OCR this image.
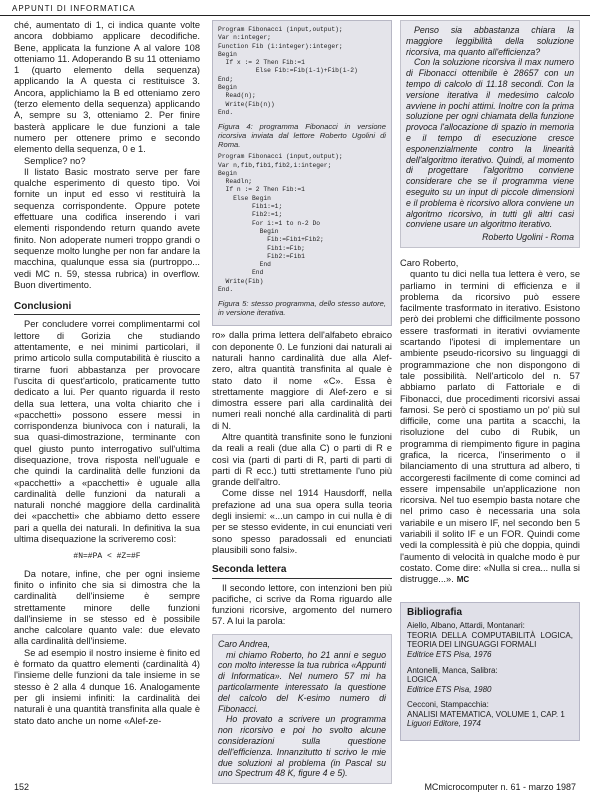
APPUNTI DI INFORMATICA

ché, aumentato di 1, ci indica quante volte ancora dobbiamo applicare decodifiche. Bene, applicata la funzione A al valore 108 otteniamo 11. Adoperando B su 11 otteniamo 1 (quarto elemento della sequenza) applicando la A questa ci restituisce 3. Ancora, applichiamo la B ed otteniamo zero (terzo elemento della sequenza) applicando A, sempre su 3, otteniamo 2. Per finire basterà applicare le due funzioni a tale numero per ottenere primo e secondo elemento della sequenza, 0 e 1.

Semplice? no?

Il listato Basic mostrato serve per fare qualche esperimento di questo tipo. Voi fornite un input ed esso vi restituirà la sequenza corrispondente. Oppure potete effettuare una codifica inserendo i vari elementi rispondendo return quando avete finito. Non adoperate numeri troppo grandi o sequenze molto lunghe per non far andare la macchina, qualunque essa sia (purtroppo... vedi MC n. 59, stessa rubrica) in overflow. Buon divertimento.

Conclusioni

Per concludere vorrei complimentarmi col lettore di Gorizia che studiando attentamente, e nei minimi particolari, il primo articolo sulla computabilità è riuscito a tirarne fuori abbastanza per provocare l'uscita di quest'articolo, praticamente tutto dedicato a lui. Per quanto riguarda il resto della sua lettera, una volta chiarito che i «pacchetti» possono essere messi in corrispondenza biunivoca con i naturali, la sua quasi-dimostrazione, terminante con quel giusto punto interrogativo sull'ultima disequazione, trova risposta nell'uguale e che quindi la cardinalità delle funzioni da «pacchetti» a «pacchetti» è uguale alla cardinalità delle funzioni da naturali a naturali nonché maggiore della cardinalità dei «pacchetti» che abbiamo detto essere pari a quella dei naturali. In definitiva la sua ultima disequazione la scriveremo così:

#N=#PA < #Z=#F

Da notare, infine, che per ogni insieme finito o infinito che sia si dimostra che la cardinalità dell'insieme è sempre strettamente minore delle funzioni dall'insieme in se stesso ed è possibile anche calcolare quanto vale: due elevato alla cardinalità dell'insieme.

Se ad esempio il nostro insieme è finito ed è formato da quattro elementi (cardinalità 4) l'insieme delle funzioni da tale insieme in se stesso è 2 alla 4 dunque 16. Analogamente per gli insiemi infiniti: la cardinalità dei naturali è una quantità transfinita alla quale è stato dato anche un nome «Alef-ze-

Program Fibonacci (input,output);
Var n:integer;
Function Fib (i:integer):integer;
Begin
If x := 2 Then Fib:=1
Else Fib:=Fib(i-1)+Fib(i-2)
End;
Begin
Read(n);
Write(Fib(n))
End.
Figura 4: programma Fibonacci in versione ricorsiva inviata dal lettore Roberto Ugolini di Roma.
Program Fibonacci (input,output);
Var n,fib,fib1,fib2,i:integer;
Begin
Readln;
If n := 2 Then Fib:=1
Else Begin
Fib1:=1;
Fib2:=1;
For i:=1 to n-2 Do
Begin
Fib:=Fib1+Fib2;
Fib1:=Fib;
Fib2:=Fib1
End
End
Write(Fib)
End.
Figura 5: stesso programma, dello stesso autore, in versione iterativa.

ro» dalla prima lettera dell'alfabeto ebraico con deponente 0. Le funzioni dai naturali ai naturali hanno cardinalità due alla Alef-zero, altra quantità transfinita al quale è stato dato il nome «C». Essa è strettamente maggiore di Alef-zero e si dimostra essere pari alla cardinalità dei numeri reali nonché alla cardinalità di parti di N.

Altre quantità transfinite sono le funzioni da reali a reali (due alla C) o parti di R e così via (parti di parti di R, parti di parti di parti di R ecc.) tutti strettamente l'uno più grande dell'altro.

Come disse nel 1914 Hausdorff, nella prefazione ad una sua opera sulla teoria degli insiemi: «...un campo in cui nulla è di per se stesso evidente, in cui enunciati veri sono spesso paradossali ed enunciati plausibili sono falsi».

Seconda lettera

Il secondo lettore, con intenzioni ben più pacifiche, ci scrive da Roma riguardo alle funzioni ricorsive, argomento del numero 57. A lui la parola:

Caro Andrea,

mi chiamo Roberto, ho 21 anni e seguo con molto interesse la tua rubrica «Appunti di Informatica». Nel numero 57 mi ha particolarmente interessato la questione del calcolo del K-esimo numero di Fibonacci.

Ho provato a scrivere un programma non ricorsivo e poi ho svolto alcune considerazioni sulla questione dell'efficienza. Innanzitutto ti scrivo le mie due soluzioni al problema (in Pascal su uno Spectrum 48 K, figure 4 e 5).

Penso sia abbastanza chiara la maggiore leggibilità della soluzione ricorsiva, ma quanto all'efficienza?

Con la soluzione ricorsiva il max numero di Fibonacci ottenibile è 28657 con un tempo di calcolo di 11.18 secondi. Con la versione iterativa il medesimo calcolo avviene in pochi attimi. Inoltre con la prima soluzione per ogni chiamata della funzione provoca l'allocazione di spazio in memoria e il tempo di esecuzione cresce esponenzialmente contro la linearità dell'algoritmo iterativo. Quindi, al momento di progettare l'algoritmo conviene considerare che se il programma viene eseguito su un input di piccole dimensioni e il problema è ricorsivo allora conviene un algoritmo ricorsivo, in tutti gli altri casi conviene usare un algoritmo iterativo.

Roberto Ugolini - Roma

Caro Roberto,

quanto tu dici nella tua lettera è vero, se parliamo in termini di efficienza e il problema da ricorsivo può essere facilmente trasformato in iterativo. Esistono però dei problemi che difficilmente possono essere trasformati in iterativi ovviamente scartando l'ipotesi di implementare un ambiente pseudo-ricorsivo su linguaggi di programmazione che non dispongono di tale possibilità. Nell'articolo del n. 57 abbiamo parlato di Fattoriale e di Fibonacci, due procedimenti ricorsivi assai famosi. Se però ci spostiamo un po' più sul difficile, come una partita a scacchi, la risoluzione del cubo di Rubik, un programma di riempimento figure in pagina grafica, la ricerca, l'inserimento o il bilanciamento di una struttura ad albero, ti accorgeresti facilmente di come cominci ad essere impensabile un'applicazione non ricorsiva. Nel tuo esempio basta notare che nel primo caso è necessaria una sola variabile e un misero IF, nel secondo ben 5 variabili il solito IF e un FOR. Quindi come vedi la complessità è più che doppia, quindi l'aumento di velocità in qualche modo è pur costato. Come dire: «Nulla si crea... nulla si distrugge...». MC

Bibliografia
Aiello, Albano, Attardi, Montanari:
TEORIA DELLA COMPUTABILITÀ LOGICA, TEORIA DEI LINGUAGGI FORMALI
Editrice ETS Pisa, 1976
Antonelli, Manca, Salibra:
LOGICA
Editrice ETS Pisa, 1980
Cecconi, Stampacchia:
ANALISI MATEMATICA, VOLUME 1, CAP. 1
Liguori Editore, 1974
152	MCmicrocomputer n. 61 - marzo 1987
